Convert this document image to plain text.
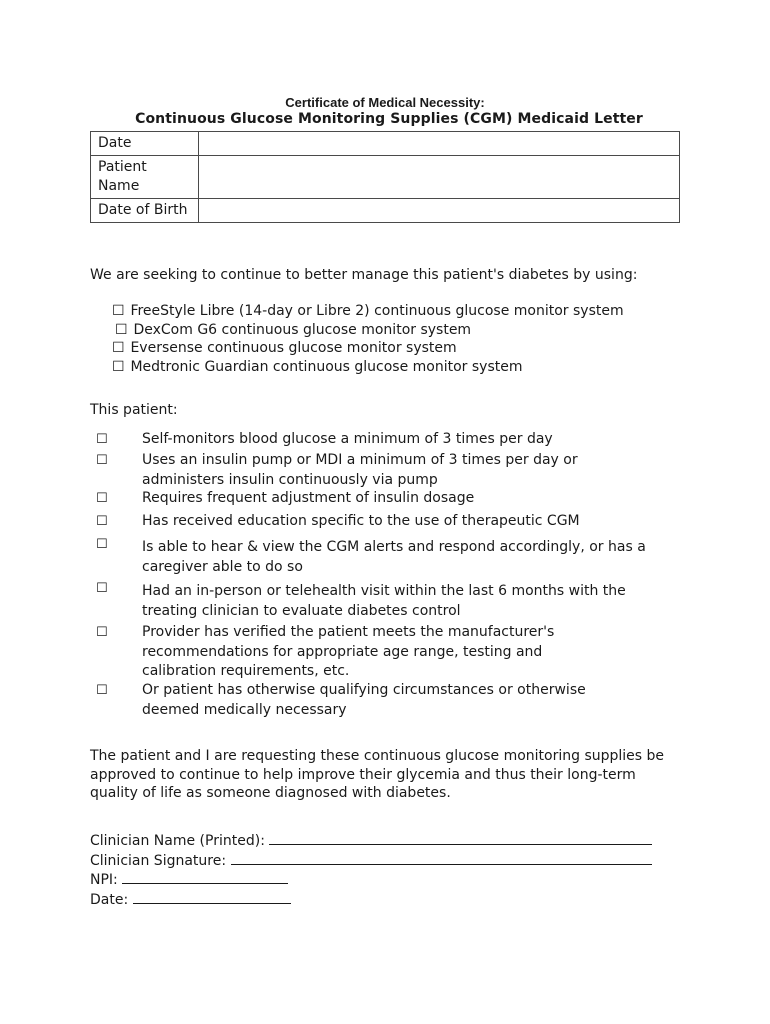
Certificate of Medical Necessity:
Continuous Glucose Monitoring Supplies (CGM) Medicaid Letter
Date	
Patient Name	
Date of Birth	
We are seeking to continue to better manage this patient's diabetes by using:
☐ FreeStyle Libre (14-day or Libre 2) continuous glucose monitor system
☐ DexCom G6 continuous glucose monitor system
☐ Eversense continuous glucose monitor system
☐ Medtronic Guardian continuous glucose monitor system
This patient:
☐ Self-monitors blood glucose a minimum of 3 times per day
☐ Uses an insulin pump or MDI a minimum of 3 times per day or administers insulin continuously via pump
☐ Requires frequent adjustment of insulin dosage
☐ Has received education specific to the use of therapeutic CGM
☐ Is able to hear & view the CGM alerts and respond accordingly, or has a caregiver able to do so
☐ Had an in-person or telehealth visit within the last 6 months with the treating clinician to evaluate diabetes control
☐ Provider has verified the patient meets the manufacturer's recommendations for appropriate age range, testing and calibration requirements, etc.
☐ Or patient has otherwise qualifying circumstances or otherwise deemed medically necessary
The patient and I are requesting these continuous glucose monitoring supplies be approved to continue to help improve their glycemia and thus their long-term quality of life as someone diagnosed with diabetes.
Clinician Name (Printed):
Clinician Signature:
NPI:
Date:
